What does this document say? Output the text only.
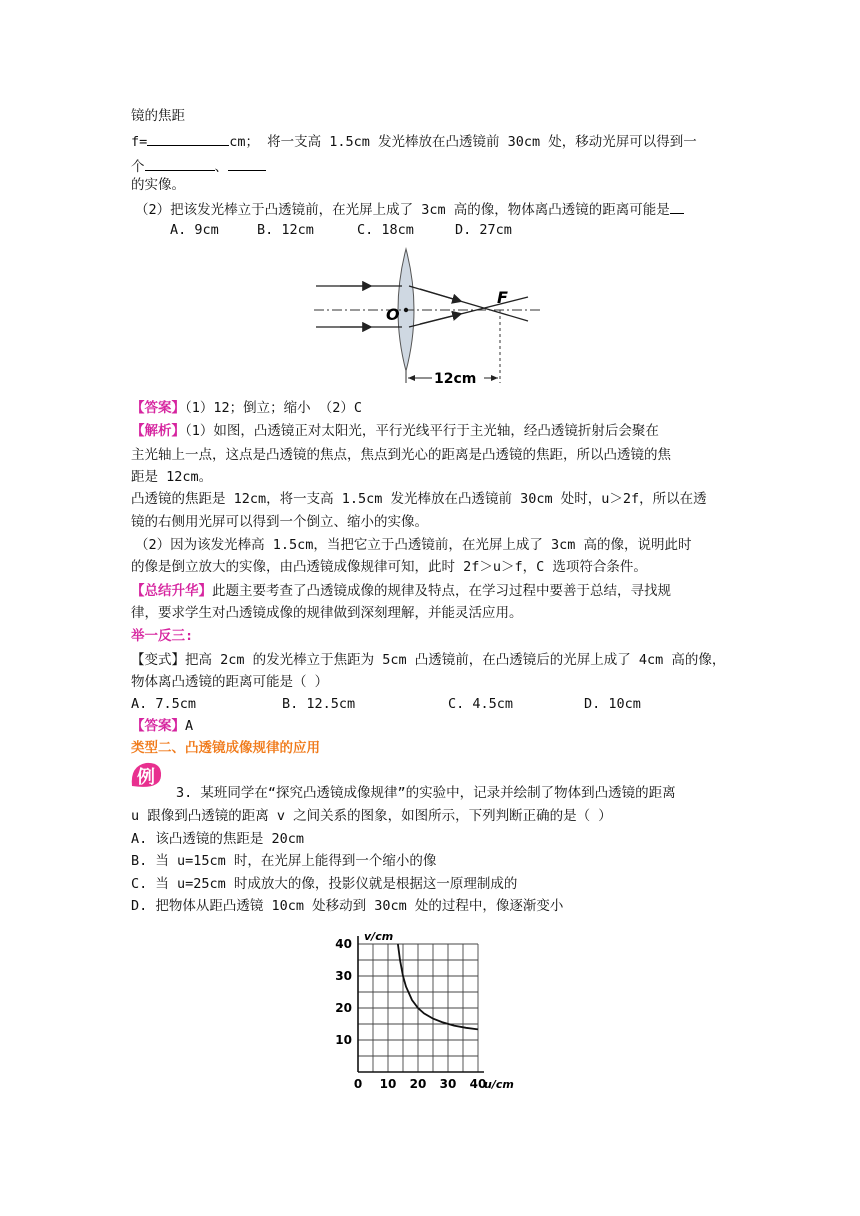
镜的焦距
f=	cm； 将一支高 1.5cm 发光棒放在凸透镜前 30cm 处，移动光屏可以得到一
个	、
的实像。
（2）把该发光棒立于凸透镜前，在光屏上成了 3cm 高的像，物体离凸透镜的距离可能是
A. 9cm	B. 12cm	C. 18cm	D. 27cm
O
F
12cm
【答案】（1）12；倒立；缩小 （2）C
【解析】（1）如图，凸透镜正对太阳光，平行光线平行于主光轴，经凸透镜折射后会聚在
主光轴上一点，这点是凸透镜的焦点，焦点到光心的距离是凸透镜的焦距，所以凸透镜的焦
距是 12cm。
凸透镜的焦距是 12cm，将一支高 1.5cm 发光棒放在凸透镜前 30cm 处时，u＞2f，所以在透
镜的右侧用光屏可以得到一个倒立、缩小的实像。
（2）因为该发光棒高 1.5cm，当把它立于凸透镜前，在光屏上成了 3cm 高的像，说明此时
的像是倒立放大的实像，由凸透镜成像规律可知，此时 2f＞u＞f，C 选项符合条件。
【总结升华】此题主要考查了凸透镜成像的规律及特点，在学习过程中要善于总结，寻找规
律，要求学生对凸透镜成像的规律做到深刻理解，并能灵活应用。
举一反三:
【变式】把高 2cm 的发光棒立于焦距为 5cm 凸透镜前，在凸透镜后的光屏上成了 4cm 高的像，
物体离凸透镜的距离可能是（ ）
A. 7.5cm	B. 12.5cm	C. 4.5cm	D. 10cm
【答案】A
类型二、凸透镜成像规律的应用
例
3. 某班同学在“探究凸透镜成像规律”的实验中，记录并绘制了物体到凸透镜的距离
u 跟像到凸透镜的距离 v 之间关系的图象，如图所示，下列判断正确的是（ ）
A. 该凸透镜的焦距是 20cm
B. 当 u=15cm 时，在光屏上能得到一个缩小的像
C. 当 u=25cm 时成放大的像，投影仪就是根据这一原理制成的
D. 把物体从距凸透镜 10cm 处移动到 30cm 处的过程中，像逐渐变小
0 10 20 30 40
10
20
30
40
u/cm
v/cm
